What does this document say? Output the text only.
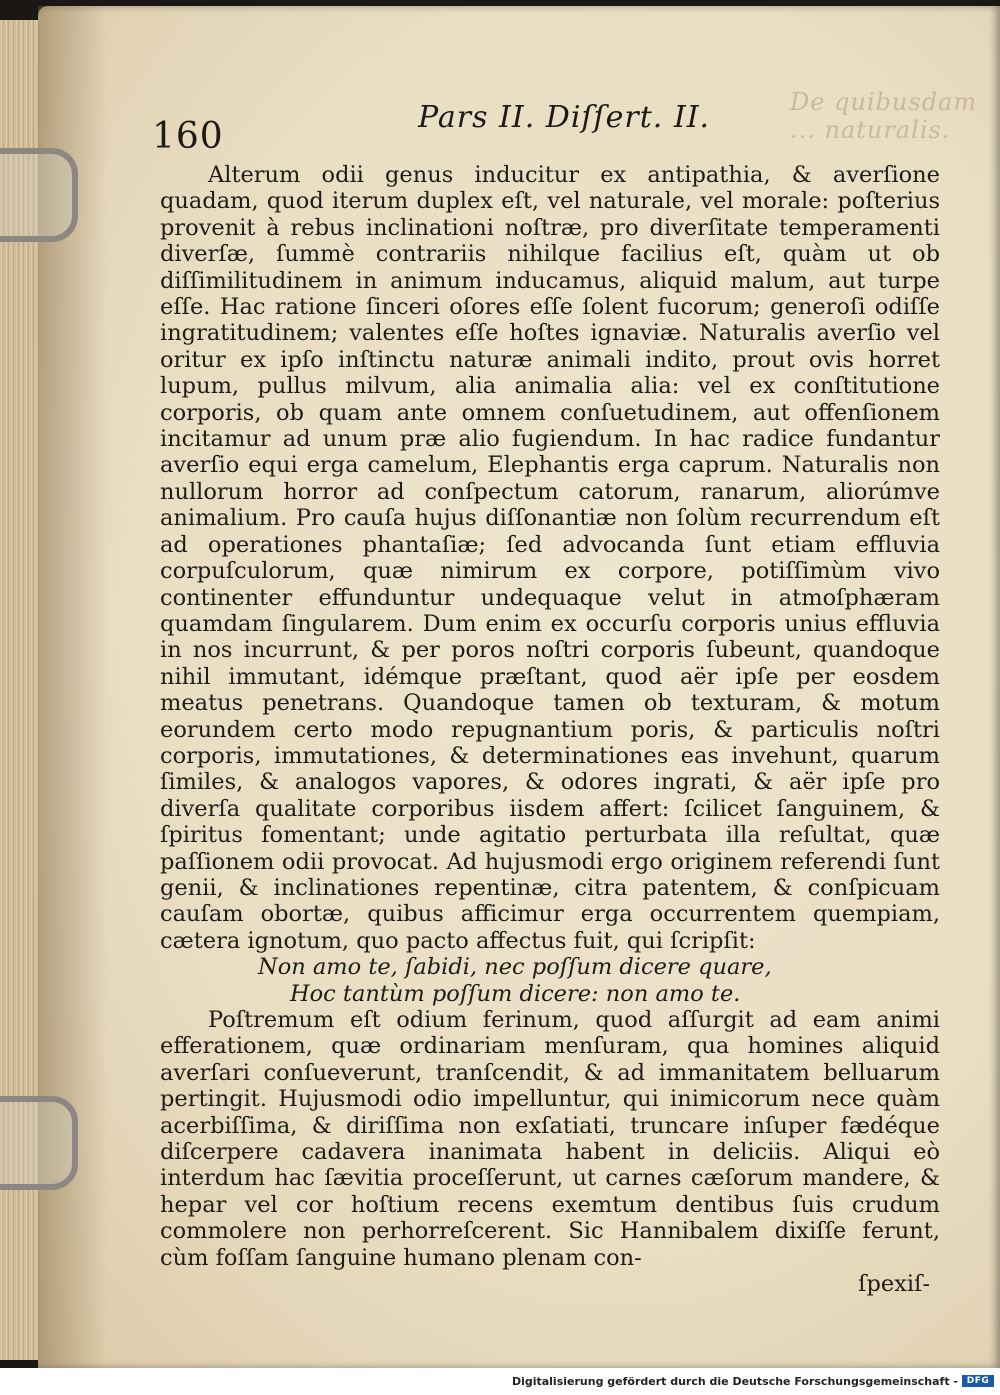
De quibusdam ... naturalis.
160	Pars II. Diſſert. II.

Alterum odii genus inducitur ex antipathia, & averſione quadam, quod iterum duplex eſt, vel naturale, vel morale: poſterius provenit à rebus inclinationi noſtræ, pro diverſitate temperamenti diverſæ, ſummè contrariis nihilque facilius eſt, quàm ut ob diſſimilitudinem in animum inducamus, aliquid malum, aut turpe eſſe. Hac ratione ſinceri oſores eſſe ſolent fucorum; generoſi odiſſe ingratitudinem; valentes eſſe hoſtes ignaviæ. Naturalis averſio vel oritur ex ipſo inſtinctu naturæ animali indito, prout ovis horret lupum, pullus milvum, alia animalia alia: vel ex conſtitutione corporis, ob quam ante omnem conſuetudinem, aut offenſionem incitamur ad unum præ alio fugiendum. In hac radice fundantur averſio equi erga camelum, Elephantis erga caprum. Naturalis non nullorum horror ad conſpectum catorum, ranarum, aliorúmve animalium. Pro cauſa hujus diſſonantiæ non ſolùm recurrendum eſt ad operationes phantaſiæ; ſed advocanda ſunt etiam effluvia corpuſculorum, quæ nimirum ex corpore, potiſſimùm vivo continenter effunduntur undequaque velut in atmoſphæram quamdam ſingularem. Dum enim ex occurſu corporis unius effluvia in nos incurrunt, & per poros noſtri corporis ſubeunt, quandoque nihil immutant, idémque præſtant, quod aër ipſe per eosdem meatus penetrans. Quandoque tamen ob texturam, & motum eorundem certo modo repugnantium poris, & particulis noſtri corporis, immutationes, & determinationes eas invehunt, quarum ſimiles, & analogos vapores, & odores ingrati, & aër ipſe pro diverſa qualitate corporibus iisdem affert: ſcilicet ſanguinem, & ſpiritus fomentant; unde agitatio perturbata illa reſultat, quæ paſſionem odii provocat. Ad hujusmodi ergo originem referendi ſunt genii, & inclinationes repentinæ, citra patentem, & conſpicuam cauſam obortæ, quibus afficimur erga occurrentem quempiam, cætera ignotum, quo pacto affectus fuit, qui ſcripſit:

Non amo te, ſabidi, nec poſſum dicere quare,

Hoc tantùm poſſum dicere: non amo te.

Poſtremum eſt odium ferinum, quod aſſurgit ad eam animi efferationem, quæ ordinariam menſuram, qua homines aliquid averſari conſueverunt, tranſcendit, & ad immanitatem belluarum pertingit. Hujusmodi odio impelluntur, qui inimicorum nece quàm acerbiſſima, & diriſſima non exſatiati, truncare inſuper fædéque diſcerpere cadavera inanimata habent in deliciis. Aliqui eò interdum hac ſævitia proceſſerunt, ut carnes cæſorum mandere, & hepar vel cor hoſtium recens exemtum dentibus ſuis crudum commolere non perhorreſcerent. Sic Hannibalem dixiſſe ferunt, cùm foſſam ſanguine humano plenam con-

ſpexiſ-

Digitalisierung gefördert durch die Deutsche Forschungsgemeinschaft - DFG
